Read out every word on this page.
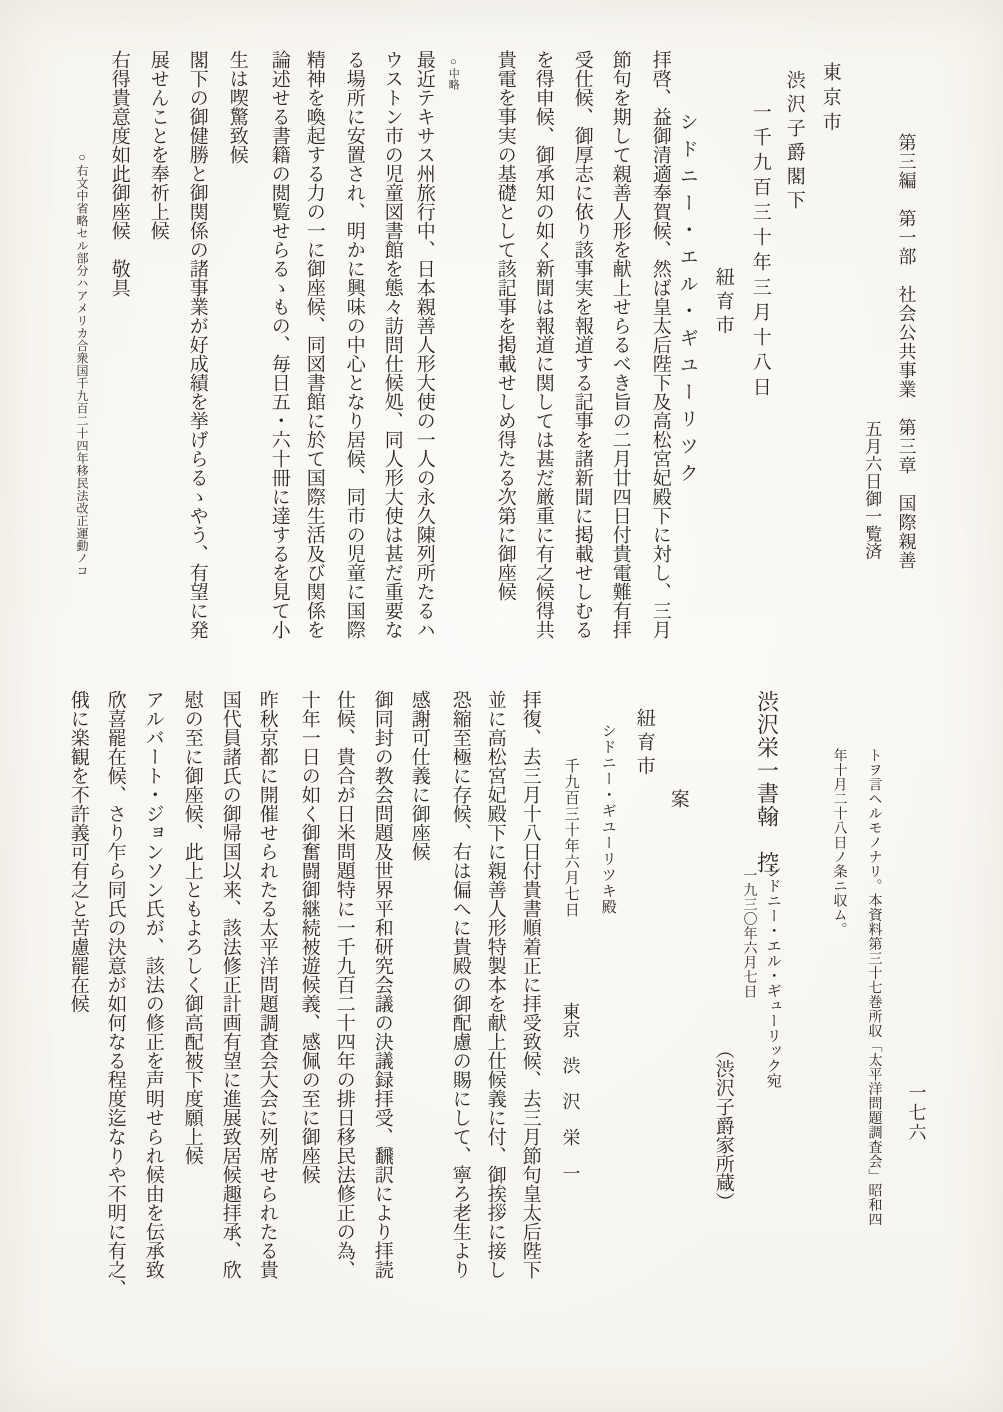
第三編　第一部　社会公共事業　第三章　国際親善
五月六日御一覧済
東京市
渋沢子爵閣下
一千九百三十年三月十八日
紐育市
シドニー・エル・ギユーリツク
拝啓、益御清適奉賀候、然ば皇太后陛下及高松宮妃殿下に対し、三月
節句を期して親善人形を献上せらるべき旨の二月廿四日付貴電難有拝
受仕候、御厚志に依り該事実を報道する記事を諸新聞に掲載せしむる
を得申候、御承知の如く新聞は報道に関しては甚だ厳重に有之候得共
貴電を事実の基礎として該記事を掲載せしめ得たる次第に御座候
○中略
最近テキサス州旅行中、日本親善人形大使の一人の永久陳列所たるハ
ウストン市の児童図書館を態々訪問仕候処、同人形大使は甚だ重要な
る場所に安置され、明かに興味の中心となり居候、同市の児童に国際
精神を喚起する力の一に御座候、同図書館に於て国際生活及び関係を
論述せる書籍の閲覧せらるゝもの、毎日五・六十冊に達するを見て小
生は喫驚致候
閣下の御健勝と御関係の諸事業が好成績を挙げらるゝやう、有望に発
展せんことを奉祈上候
右得貴意度如此御座候　敬具
○右文中省略セル部分ハアメリカ合衆国千九百二十四年移民法改正運動ノコ
一七六
トヲ言ヘルモノナリ。本資料第三十七巻所収「太平洋問題調査会」昭和四
年十月二十八日ノ条ニ収ム。
渋沢栄一書翰　控
シドニー・エル・ギューリック宛
一九三〇年六月七日
（渋沢子爵家所蔵）
案
紐育市
シドニー・ギユーリツキ殿
千九百三十年六月七日
東京　渋　沢　栄　一
拝復、去三月十八日付貴書順着正に拝受致候、去三月節句皇太后陛下
並に高松宮妃殿下に親善人形特製本を献上仕候義に付、御挨拶に接し
恐縮至極に存候、右は偏へに貴殿の御配慮の賜にして、寧ろ老生より
感謝可仕義に御座候
御同封の教会問題及世界平和研究会議の決議録拝受、飜訳により拝読
仕候、貴合が日米問題特に一千九百二十四年の排日移民法修正の為、
十年一日の如く御奮闘御継続被遊候義、感佩の至に御座候
昨秋京都に開催せられたる太平洋問題調査会大会に列席せられたる貴
国代員諸氏の御帰国以来、該法修正計画有望に進展致居候趣拝承、欣
慰の至に御座候、此上ともよろしく御高配被下度願上候
アルバート・ジョンソン氏が、該法の修正を声明せられ候由を伝承致
欣喜罷在候、さり乍ら同氏の決意が如何なる程度迄なりや不明に有之、
俄に楽観を不許義可有之と苦慮罷在候
